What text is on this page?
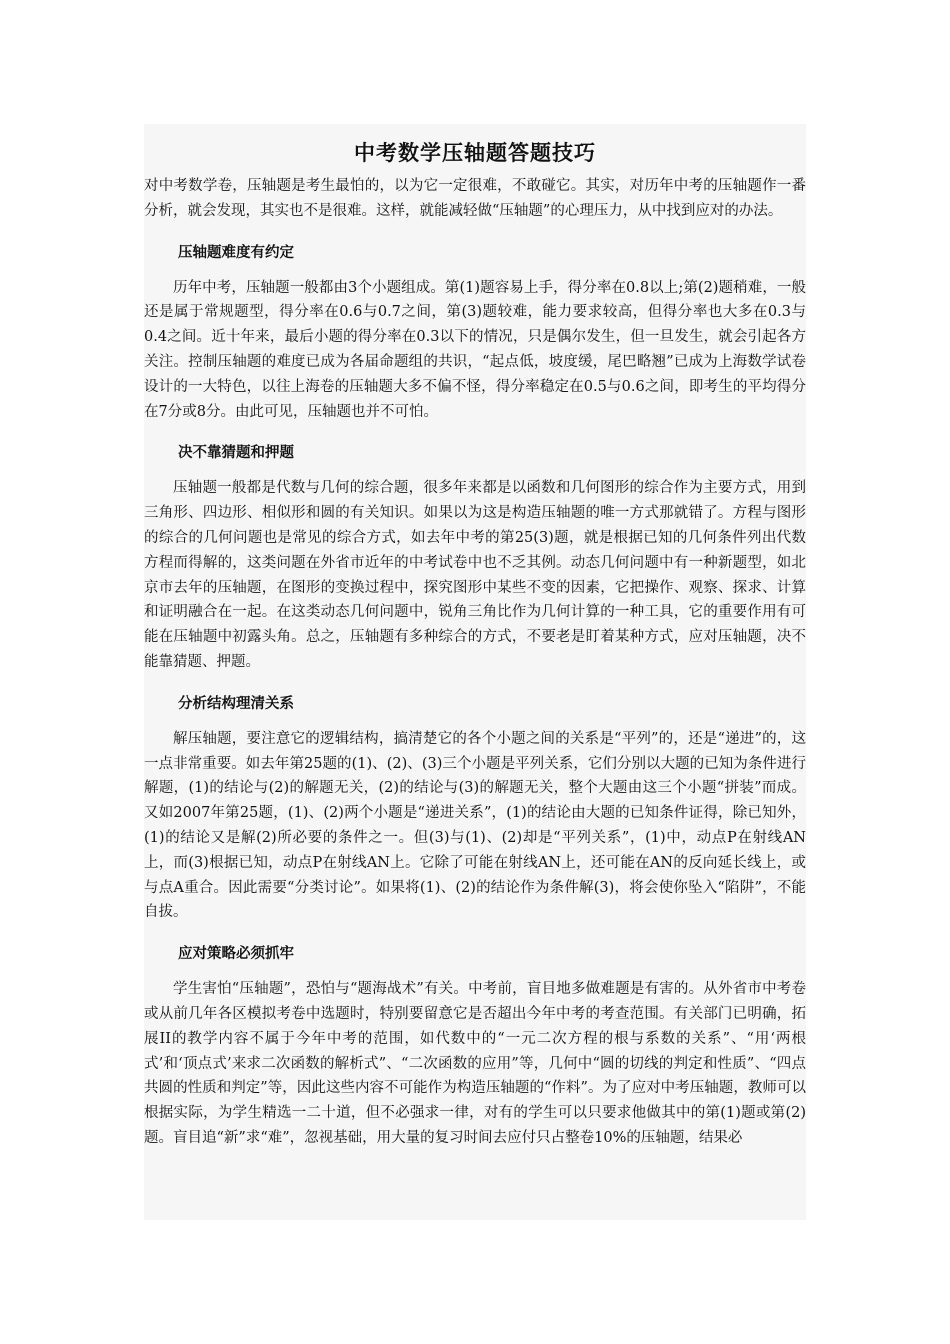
中考数学压轴题答题技巧

对中考数学卷，压轴题是考生最怕的，以为它一定很难，不敢碰它。其实，对历年中考的压轴题作一番分析，就会发现，其实也不是很难。这样，就能减轻做“压轴题”的心理压力，从中找到应对的办法。

压轴题难度有约定

历年中考，压轴题一般都由3个小题组成。第(1)题容易上手，得分率在0.8以上;第(2)题稍难，一般还是属于常规题型，得分率在0.6与0.7之间，第(3)题较难，能力要求较高，但得分率也大多在0.3与0.4之间。近十年来，最后小题的得分率在0.3以下的情况，只是偶尔发生，但一旦发生，就会引起各方关注。控制压轴题的难度已成为各届命题组的共识，“起点低，坡度缓，尾巴略翘”已成为上海数学试卷设计的一大特色，以往上海卷的压轴题大多不偏不怪，得分率稳定在0.5与0.6之间，即考生的平均得分在7分或8分。由此可见，压轴题也并不可怕。

决不靠猜题和押题

压轴题一般都是代数与几何的综合题，很多年来都是以函数和几何图形的综合作为主要方式，用到三角形、四边形、相似形和圆的有关知识。如果以为这是构造压轴题的唯一方式那就错了。方程与图形的综合的几何问题也是常见的综合方式，如去年中考的第25(3)题，就是根据已知的几何条件列出代数方程而得解的，这类问题在外省市近年的中考试卷中也不乏其例。动态几何问题中有一种新题型，如北京市去年的压轴题，在图形的变换过程中，探究图形中某些不变的因素，它把操作、观察、探求、计算和证明融合在一起。在这类动态几何问题中，锐角三角比作为几何计算的一种工具，它的重要作用有可能在压轴题中初露头角。总之，压轴题有多种综合的方式，不要老是盯着某种方式，应对压轴题，决不能靠猜题、押题。

分析结构理清关系

解压轴题，要注意它的逻辑结构，搞清楚它的各个小题之间的关系是“平列”的，还是“递进”的，这一点非常重要。如去年第25题的(1)、(2)、(3)三个小题是平列关系，它们分别以大题的已知为条件进行解题，(1)的结论与(2)的解题无关，(2)的结论与(3)的解题无关，整个大题由这三个小题“拼装”而成。又如2007年第25题，(1)、(2)两个小题是“递进关系”，(1)的结论由大题的已知条件证得，除已知外，(1)的结论又是解(2)所必要的条件之一。但(3)与(1)、(2)却是“平列关系”，(1)中，动点P在射线AN上，而(3)根据已知，动点P在射线AN上。它除了可能在射线AN上，还可能在AN的反向延长线上，或与点A重合。因此需要“分类讨论”。如果将(1)、(2)的结论作为条件解(3)，将会使你坠入“陷阱”，不能自拔。

应对策略必须抓牢

学生害怕“压轴题”，恐怕与“题海战术”有关。中考前，盲目地多做难题是有害的。从外省市中考卷或从前几年各区模拟考卷中选题时，特别要留意它是否超出今年中考的考查范围。有关部门已明确，拓展II的教学内容不属于今年中考的范围，如代数中的“一元二次方程的根与系数的关系”、“用‘两根式’和‘顶点式’来求二次函数的解析式”、“二次函数的应用”等，几何中“圆的切线的判定和性质”、“四点共圆的性质和判定”等，因此这些内容不可能作为构造压轴题的“作料”。为了应对中考压轴题，教师可以根据实际，为学生精选一二十道，但不必强求一律，对有的学生可以只要求他做其中的第(1)题或第(2)题。盲目追“新”求“难”，忽视基础，用大量的复习时间去应付只占整卷10%的压轴题，结果必
